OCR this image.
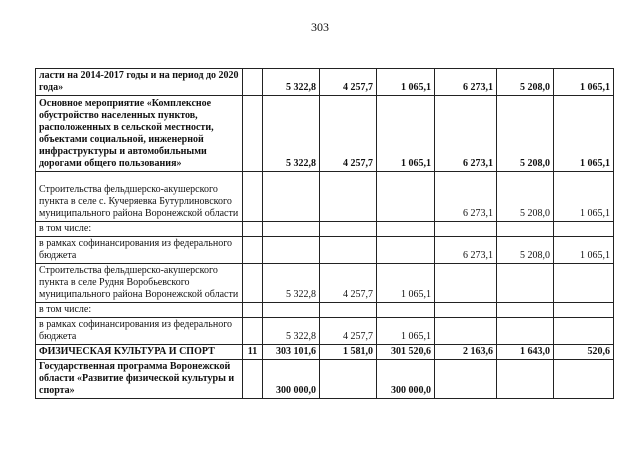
303
ласти на 2014-2017 годы и на период до 2020 года»		5 322,8	4 257,7	1 065,1	6 273,1	5 208,0	1 065,1
Основное мероприятие «Комплексное обустройство населенных пунктов, расположенных в сельской местности, объектами социальной, инженерной инфраструктуры и автомобильными дорогами общего пользования»		5 322,8	4 257,7	1 065,1	6 273,1	5 208,0	1 065,1
Строительства фельдшерско-акушерского пункта в селе с. Кучеряевка Бутурлиновского муниципального района Воронежской области					6 273,1	5 208,0	1 065,1
в том числе:							
в рамках софинансирования из федерального бюджета					6 273,1	5 208,0	1 065,1
Строительства фельдшерско-акушерского пункта в селе Рудня Воробьевского муниципального района Воронежской области		5 322,8	4 257,7	1 065,1			
в том числе:							
в рамках софинансирования из федерального бюджета		5 322,8	4 257,7	1 065,1			
ФИЗИЧЕСКАЯ КУЛЬТУРА И СПОРТ	11	303 101,6	1 581,0	301 520,6	2 163,6	1 643,0	520,6
Государственная программа Воронежской области «Развитие физической культуры и спорта»		300 000,0		300 000,0			
